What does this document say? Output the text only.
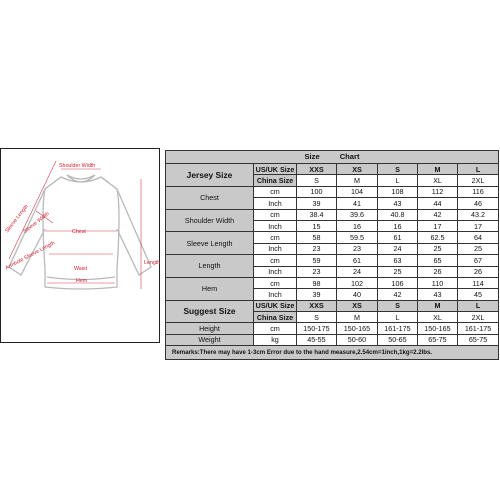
Shoulder Width
Sleeve Length
Sleeve Width	Chest
Armhole Sleeve Length	Waist
Length
Hem
Size Chart						
Jersey Size	US/UK Size	XXS	XS	S	M	L
	China Size	S	M	L	XL	2XL
Chest	cm	100	104	108	112	116
	Inch	39	41	43	44	46
Shoulder Width	cm	38.4	39.6	40.8	42	43.2
	Inch	15	16	16	17	17
Sleeve Length	cm	58	59.5	61	62.5	64
	Inch	23	23	24	25	25
Length	cm	59	61	63	65	67
	Inch	23	24	25	26	26
Hem	cm	98	102	106	110	114
	Inch	39	40	42	43	45
Suggest Size	US/UK Size	XXS	XS	S	M	L
	China Size	S	M	L	XL	2XL
Height	cm	150-175	150-165	161-175	150-165	161-175
Weight	kg	45-55	50-60	50-65	65-75	65-75
Remarks:There may have 1-3cm Error due to the hand measure,2.54cm=1inch,1kg=2.2lbs.						
